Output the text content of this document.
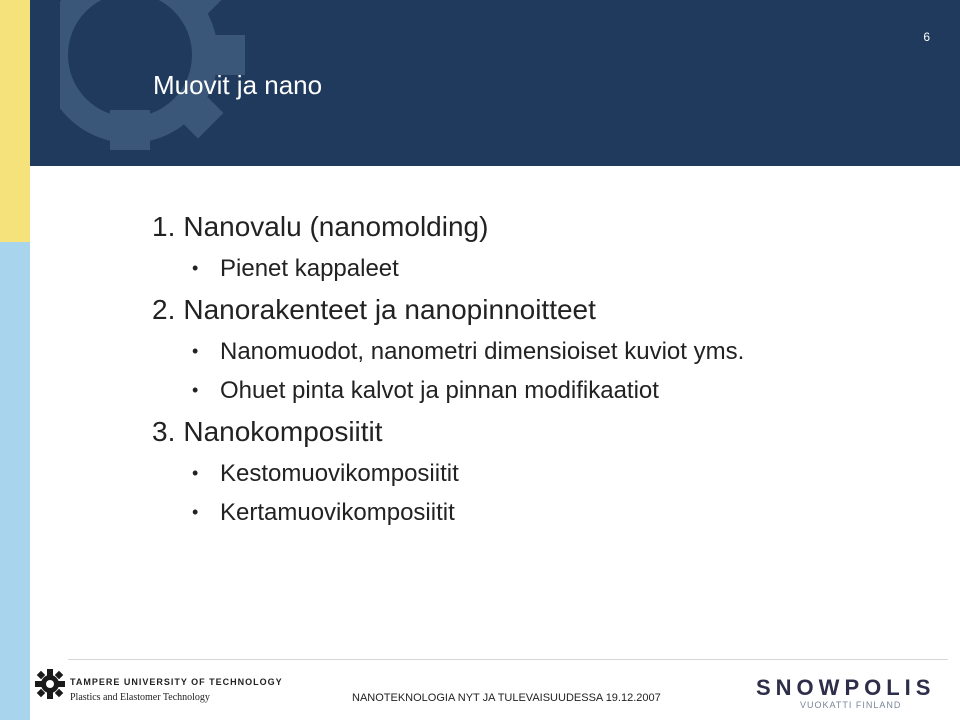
6
Muovit ja nano
1. Nanovalu (nanomolding)
• Pienet kappaleet
2. Nanorakenteet ja nanopinnoitteet
• Nanomuodot, nanometri dimensioiset kuviot yms.
• Ohuet pinta kalvot ja pinnan modifikaatiot
3. Nanokomposiitit
• Kestomuovikomposiitit
• Kertamuovikomposiitit
TAMPERE UNIVERSITY OF TECHNOLOGY
Plastics and Elastomer Technology	NANOTEKNOLOGIA NYT JA TULEVAISUUDESSA 19.12.2007	SNOWPOLIS
VUOKATTI FINLAND
